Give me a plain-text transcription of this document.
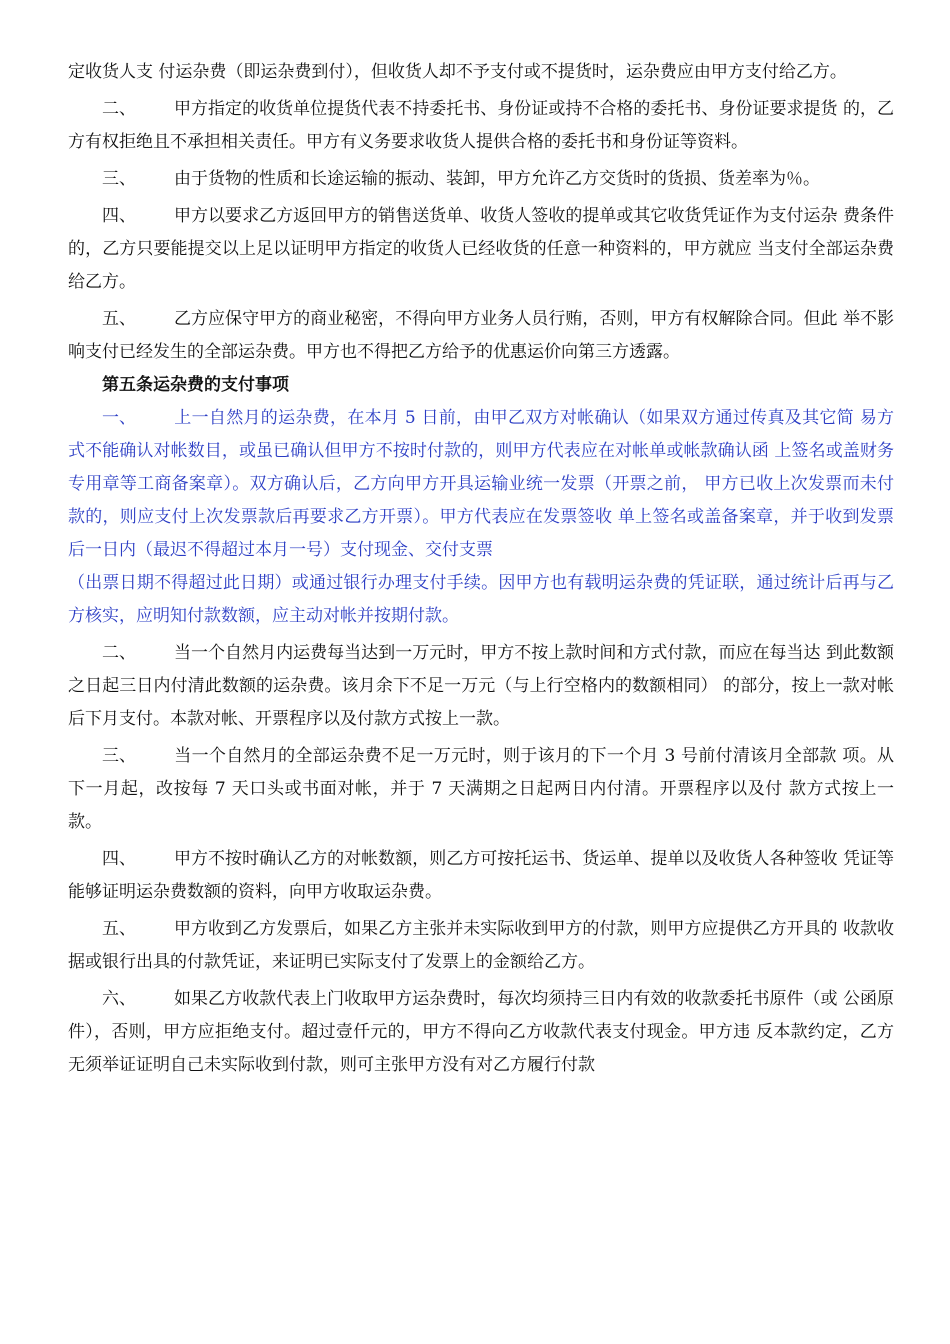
定收货人支 付运杂费（即运杂费到付），但收货人却不予支付或不提货时，运杂费应由甲方支付给乙方。

二、 甲方指定的收货单位提货代表不持委托书、身份证或持不合格的委托书、身份证要求提货 的，乙方有权拒绝且不承担相关责任。甲方有义务要求收货人提供合格的委托书和身份证等资料。

三、 由于货物的性质和长途运输的振动、装卸，甲方允许乙方交货时的货损、货差率为％。

四、 甲方以要求乙方返回甲方的销售送货单、收货人签收的提单或其它收货凭证作为支付运杂 费条件的，乙方只要能提交以上足以证明甲方指定的收货人已经收货的任意一种资料的，甲方就应 当支付全部运杂费给乙方。

五、 乙方应保守甲方的商业秘密，不得向甲方业务人员行贿，否则，甲方有权解除合同。但此 举不影响支付已经发生的全部运杂费。甲方也不得把乙方给予的优惠运价向第三方透露。

第五条运杂费的支付事项

一、 上一自然月的运杂费，在本月 5 日前，由甲乙双方对帐确认（如果双方通过传真及其它简 易方式不能确认对帐数目，或虽已确认但甲方不按时付款的，则甲方代表应在对帐单或帐款确认函 上签名或盖财务专用章等工商备案章）。双方确认后，乙方向甲方开具运输业统一发票（开票之前， 甲方已收上次发票而未付款的，则应支付上次发票款后再要求乙方开票）。甲方代表应在发票签收 单上签名或盖备案章，并于收到发票后一日内（最迟不得超过本月一号）支付现金、交付支票

（出票日期不得超过此日期）或通过银行办理支付手续。因甲方也有载明运杂费的凭证联，通过统计后再与乙方核实，应明知付款数额，应主动对帐并按期付款。

二、 当一个自然月内运费每当达到一万元时，甲方不按上款时间和方式付款，而应在每当达 到此数额之日起三日内付清此数额的运杂费。该月余下不足一万元（与上行空格内的数额相同） 的部分，按上一款对帐后下月支付。本款对帐、开票程序以及付款方式按上一款。

三、 当一个自然月的全部运杂费不足一万元时，则于该月的下一个月 3 号前付清该月全部款 项。从下一月起，改按每 7 天口头或书面对帐，并于 7 天满期之日起两日内付清。开票程序以及付 款方式按上一款。

四、 甲方不按时确认乙方的对帐数额，则乙方可按托运书、货运单、提单以及收货人各种签收 凭证等能够证明运杂费数额的资料，向甲方收取运杂费。

五、 甲方收到乙方发票后，如果乙方主张并未实际收到甲方的付款，则甲方应提供乙方开具的 收款收据或银行出具的付款凭证，来证明已实际支付了发票上的金额给乙方。

六、 如果乙方收款代表上门收取甲方运杂费时，每次均须持三日内有效的收款委托书原件（或 公函原件），否则，甲方应拒绝支付。超过壹仟元的，甲方不得向乙方收款代表支付现金。甲方违 反本款约定，乙方无须举证证明自己未实际收到付款，则可主张甲方没有对乙方履行付款
